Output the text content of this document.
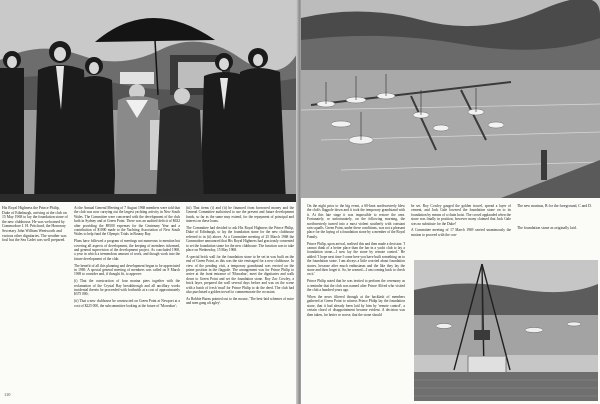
His Royal Highness the Prince Philip, Duke of Edinburgh, arriving at the club on 15 May 1968 to lay the foundation stone of the new clubhouse. He was welcomed by Commodore J. H. Pritchard, the Honorary Secretary John William Wentworth and various other dignitaries. The weather was foul but the Sea Cadet was well prepared.

At the Annual General Meeting of 7 August 1968 members were told that the club was now carrying out the largest yachting activity in New South Wales. The Committee were concerned with the development of the club both in Sydney and at Green Point. There was an audited deficit of $632 after providing the $9500 expenses for the Centenary Year and a contribution of $1000 made to the Yachting Association of New South Wales to help fund the Olympic Trials in Botany Bay.

Plans have followed a program of meetings not numerous to mention but covering all aspects of development, the keeping of members informed, and general supervision of the development project. As concluded 1968, a year in which a tremendous amount of work, and though work into the future development of the club.

The benefit of all this planning and development began to be appreciated in 1969. A special general meeting of members was called on 8 March 1969 to consider and, if thought fit, to approve:

(i) That the construction of four marina piers together with the reclamation of the Crystal Bay breakthrough and all ancillary works incidental thereto be proceeded with forthwith at a cost of approximately $375 000;

(ii) That a new clubhouse be constructed on Green Point at Newport at a cost of $225 000, the subcommittee looking at the future of 'Moorabar';

(iii) That items (i) and (ii) be financed from borrowed money and the General Committee authorised to use the present and future development funds, so far as the same may extend, for the repayment of principal and interest on these loans.

The Committee had decided to ask His Royal Highness the Prince Philip, Duke of Edinburgh, to lay the foundation stone for the new clubhouse referred to in (ii) above. At a Committee meeting of 25 March 1968 the Commodore announced that His Royal Highness had graciously consented to set the foundation stone for the new clubhouse. The function was to take place on Wednesday, 15 May 1968.

A special brick wall for the foundation stone to be set in was built on the end of Green Point, as this was the site envisaged for a new clubhouse. In view of the pending visit, a temporary grandstand was erected on the prime position in the flagpole. The arrangement was for Prince Philip to arrive at the front entrance of 'Moorabar', meet the dignitaries and walk down to Green Point and set the foundation stone. Roy Zac Cowley, a brick layer, prepared the wall several days before and was on the scene with a batch of fresh 'mud' for Prince Philip to do the deed. The club had also purchased a golden trowel to commemorate the occasion.

As Robbie Burns pointed out to the mouse, 'The best-laid schemes of mice and men gang aft agley'.

110

On the night prior to the big event, a 60-knot northwesterly blew the club's flagpole down and it took the temporary grandstand with it. At this late stage it was impossible to restore the area. Fortunately, or unfortunately, on the following morning, the northwesterly turned into a most violent southerly with constant rain squalls. Green Point, under these conditions, was not a pleasant place for the laying of a foundation stone by a member of the Royal Family.

Prince Philip, upon arrival, realised this and then made a decision: 'I cannot think of a better place than the bar in a yacht club to lay a foundation stone—I now lay the stone by remote control.' He added: 'I hope next time I come here you have built something on to the foundation stone. I am always a little worried about foundation stones, because after much enthusiasm and the like they lay the stone and then forget it. So, be warned—I am coming back to check on it.'

Prince Philip noted that he was invited to perform the ceremony as a reminder that the club was named after Prince Alfred who visited the club a hundred years ago.

When the news filtered through at the backlash of members gathered at Green Point to witness Prince Philip lay the foundation stone, that it had already been laid by him by 'remote control', a certain chord of disappointment became evident. A decision was then taken, for better or worse, that the stone should

be set. Roy Cowley gauged the golden trowel, spread a layer of cement, and Jack Gale lowered the foundation stone on to its foundation by means of a chain hoist. The crowd applauded when the stone was finally in position, however many claimed that Jack Gale was no substitute for the Duke!

A Committee meeting of 17 March 1969 carried unanimously the motion to proceed with the con-

The new marinas, B for the foreground, C and D.
The foundation stone as originally laid.
